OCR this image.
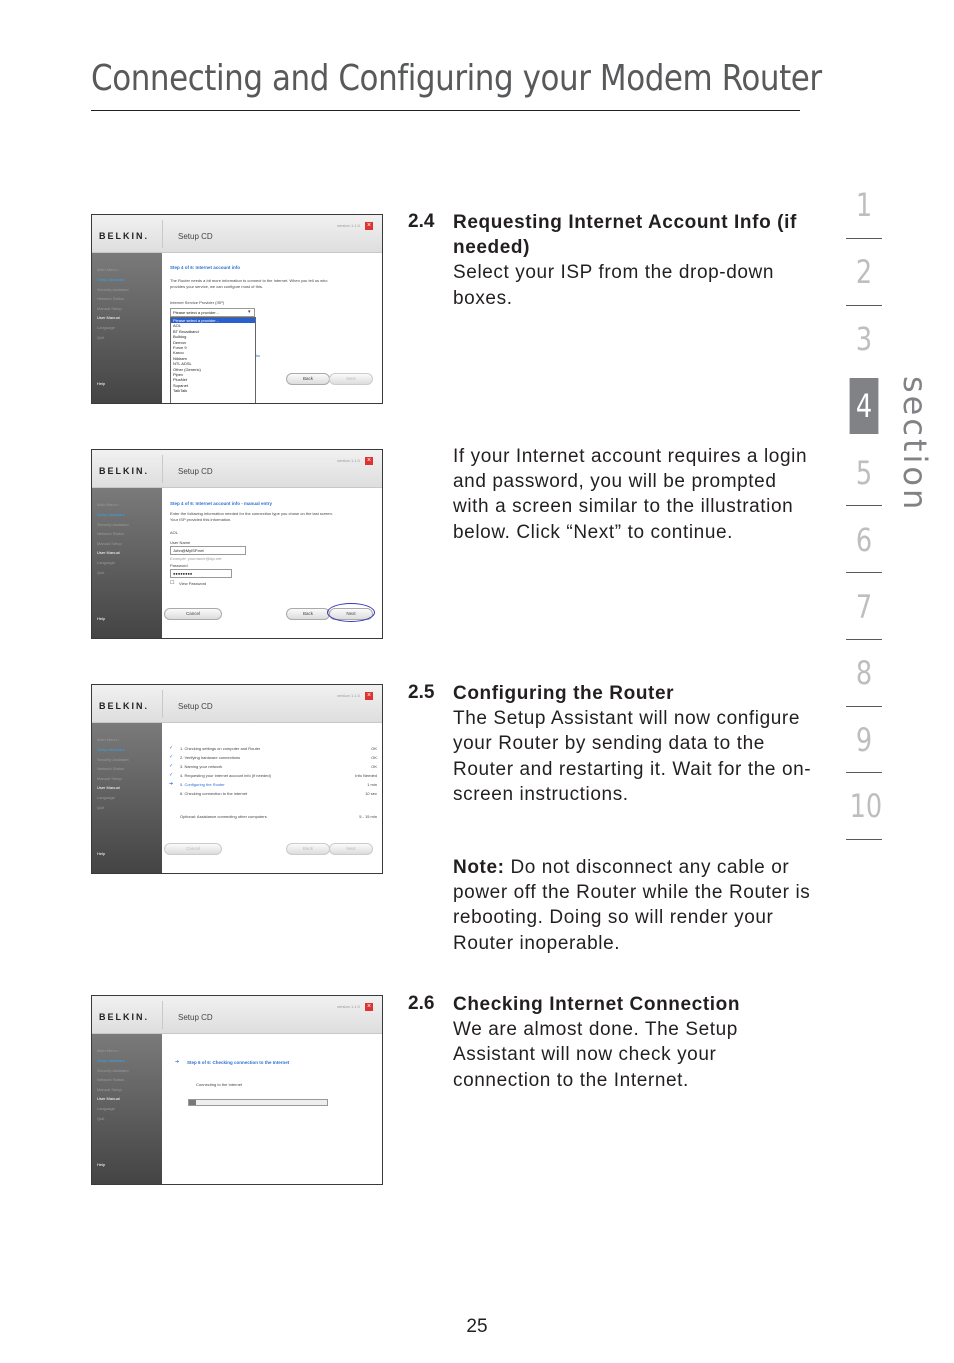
Connecting and Configuring your Modem Router
1
2
3
4
5
6
7
8
9
10
section
2.4 Requesting Internet Account Info (if needed)
Select your ISP from the drop-down boxes.
If your Internet account requires a login and password, you will be prompted with a screen similar to the illustration below. Click “Next” to continue.
2.5 Configuring the Router
The Setup Assistant will now configure your Router by sending data to the Router and restarting it. Wait for the on-screen instructions.
Note: Do not disconnect any cable or power off the Router while the Router is rebooting. Doing so will render your Router inoperable.
2.6 Checking Internet Connection
We are almost done. The Setup Assistant will now check your connection to the Internet.
BELKIN.	Setup CD
version 1.1.0 ×
Main Menu ›
Setup Assistant
Security Assistant
Network Status
Manual Setup
User Manual
Language
Quit
Help
Step 4 of 6: Internet account info
The Router needs a bit more information to connect to the Internet. When you tell us who
provides your service, we can configure most of this.
Internet Service Provider (ISP)
Please select a provider...	▾
Please select a provider...
AOL
BT Broadband
Bulldog
Demon
Force 9
Karoo
Nildram
NTL ADSL
Other (Generic)
Pipex
PlusNet
Supanet
TalkTalk
ks
Back	Next
BELKIN.	Setup CD
version 1.1.0 ×
Main Menu ›
Setup Assistant
Security Assistant
Network Status
Manual Setup
User Manual
Language
Quit
Help
Step 4 of 6: Internet account info - manual entry
Enter the following information needed for the connection type you chose on the last screen.
Your ISP provided this information.
AOL
User Name
John@MyISP.net
Example: yourname@isp.net
Password
●●●●●●●●
☐ View Password
Cancel	Back	Next
BELKIN.	Setup CD
version 1.1.0 ×
Main Menu ›
Setup Assistant
Security Assistant
Network Status
Manual Setup
User Manual
Language
Quit
Help
✓ 1. Checking settings on computer and Router	OK
✓ 2. Verifying hardware connections	OK
✓ 3. Naming your network	OK
✓ 4. Requesting your internet account info (if needed)	Info Needed
➔ 5. Configuring the Router	1 min
6. Checking connection to the internet	10 sec
Optional: Assistance connecting other computers	5 - 15 min
Cancel	Back	Next
BELKIN.	Setup CD
version 1.1.0 ×
Main Menu ›
Setup Assistant
Security Assistant
Network Status
Manual Setup
User Manual
Language
Quit
Help
➔ Step 6 of 6: Checking connection to the Internet
Connecting to the Internet
25
